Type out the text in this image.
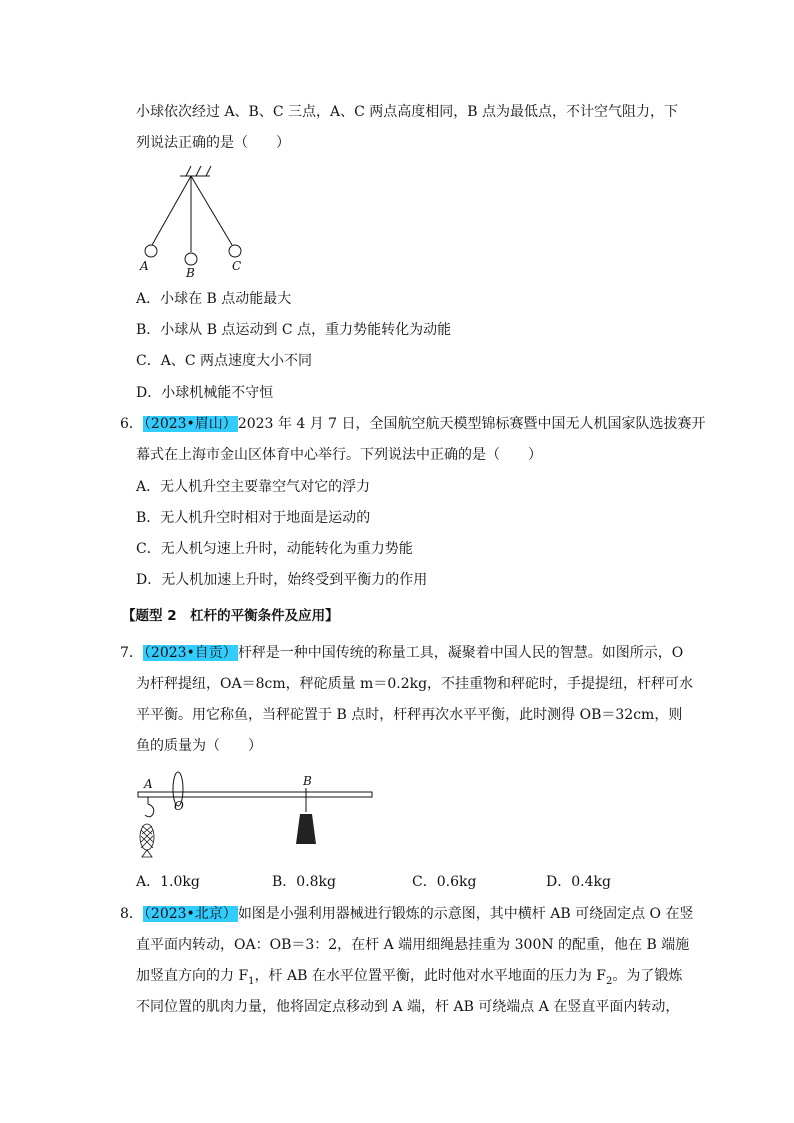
小球依次经过 A、B、C 三点，A、C 两点高度相同，B 点为最低点，不计空气阻力，下
列说法正确的是（　　）
A	B	C
A．小球在 B 点动能最大
B．小球从 B 点运动到 C 点，重力势能转化为动能
C．A、C 两点速度大小不同
D．小球机械能不守恒
6．（2023•眉山）2023 年 4 月 7 日，全国航空航天模型锦标赛暨中国无人机国家队选拔赛开
幕式在上海市金山区体育中心举行。下列说法中正确的是（　　）
A．无人机升空主要靠空气对它的浮力
B．无人机升空时相对于地面是运动的
C．无人机匀速上升时，动能转化为重力势能
D．无人机加速上升时，始终受到平衡力的作用
【题型 2　杠杆的平衡条件及应用】
7．（2023•自贡）杆秤是一种中国传统的称量工具，凝聚着中国人民的智慧。如图所示，O
为杆秤提纽，OA＝8cm，秤砣质量 m＝0.2kg，不挂重物和秤砣时，手提提纽，杆秤可水
平平衡。用它称鱼，当秤砣置于 B 点时，杆秤再次水平平衡，此时测得 OB＝32cm，则
鱼的质量为（　　）
A
O
B
A．1.0kg	B．0.8kg	C．0.6kg	D．0.4kg
8．（2023•北京）如图是小强利用器械进行锻炼的示意图，其中横杆 AB 可绕固定点 O 在竖
直平面内转动，OA：OB＝3：2，在杆 A 端用细绳悬挂重为 300N 的配重，他在 B 端施
加竖直方向的力 $F_1$，杆 AB 在水平位置平衡，此时他对水平地面的压力为 $F_2$。为了锻炼
不同位置的肌肉力量，他将固定点移动到 A 端，杆 AB 可绕端点 A 在竖直平面内转动，
